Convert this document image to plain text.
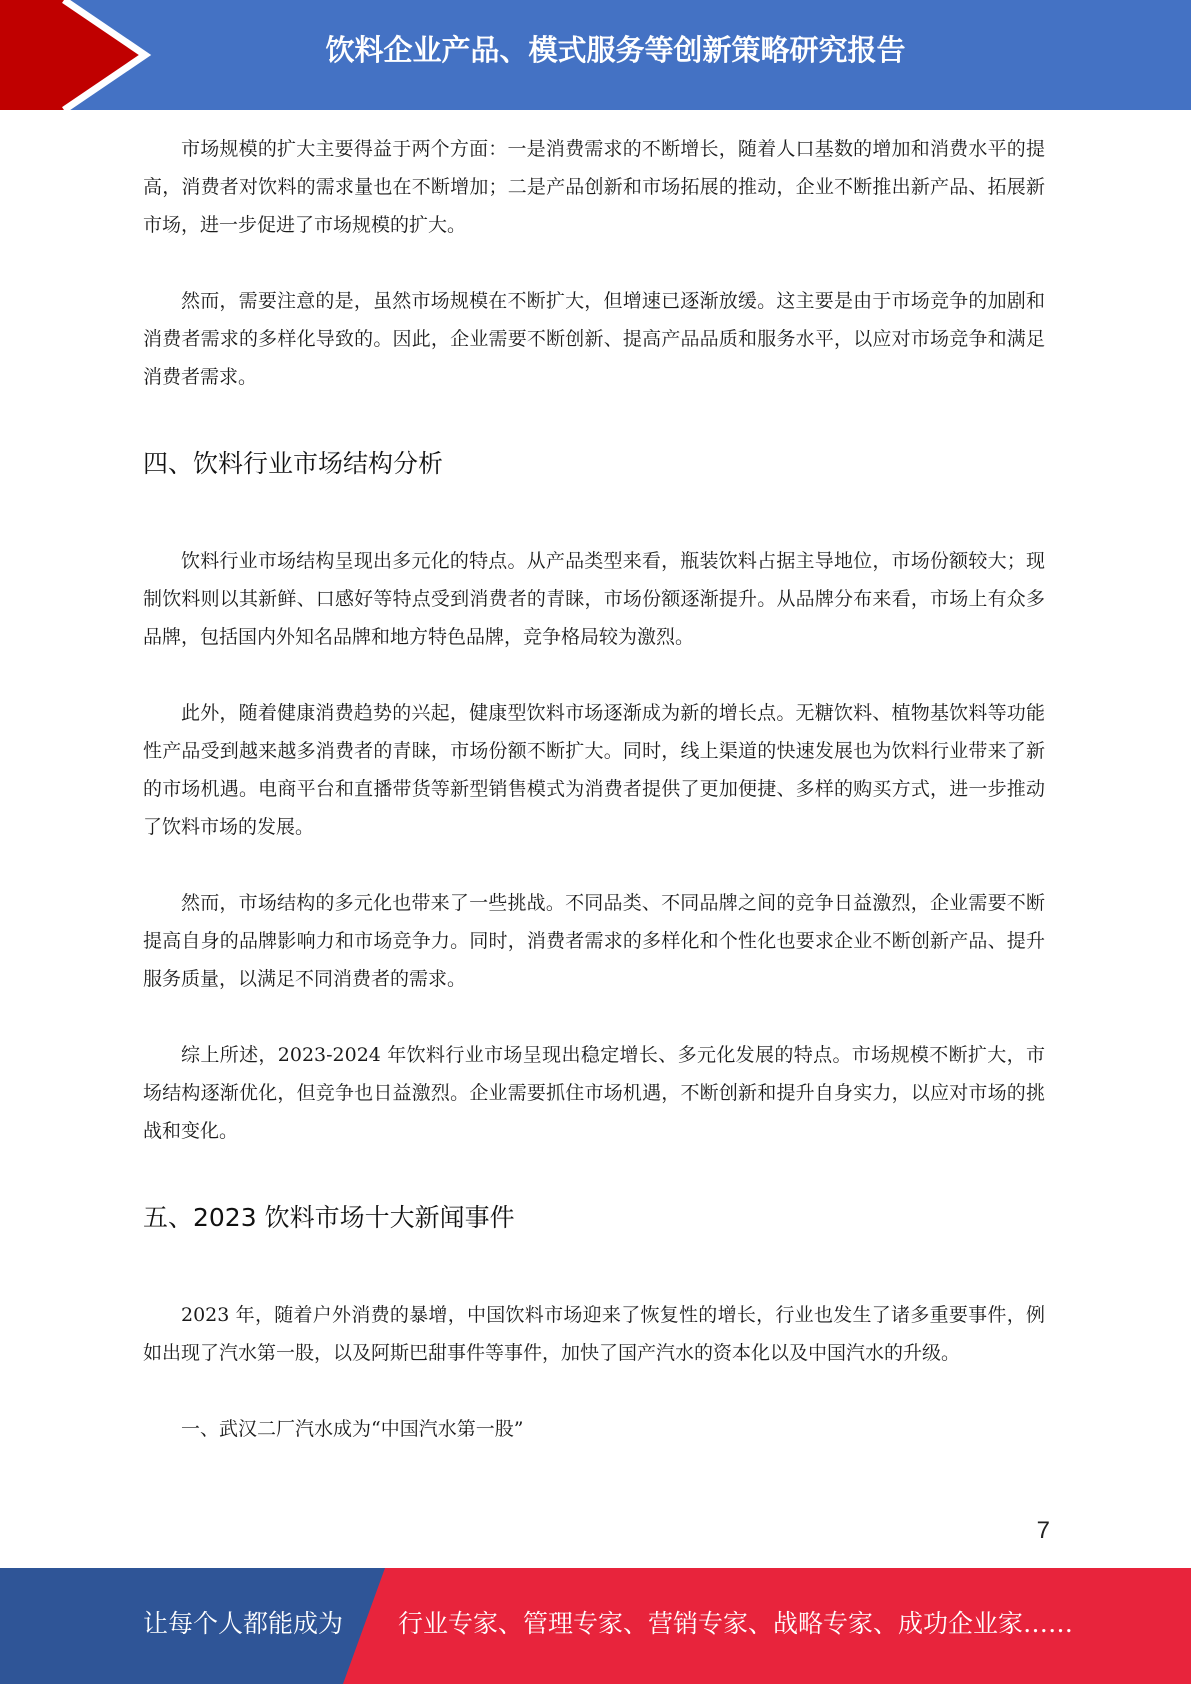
饮料企业产品、模式服务等创新策略研究报告

市场规模的扩大主要得益于两个方面：一是消费需求的不断增长，随着人口基数的增加和消费水平的提高，消费者对饮料的需求量也在不断增加；二是产品创新和市场拓展的推动，企业不断推出新产品、拓展新市场，进一步促进了市场规模的扩大。

然而，需要注意的是，虽然市场规模在不断扩大，但增速已逐渐放缓。这主要是由于市场竞争的加剧和消费者需求的多样化导致的。因此，企业需要不断创新、提高产品品质和服务水平，以应对市场竞争和满足消费者需求。

四、饮料行业市场结构分析

饮料行业市场结构呈现出多元化的特点。从产品类型来看，瓶装饮料占据主导地位，市场份额较大；现制饮料则以其新鲜、口感好等特点受到消费者的青睐，市场份额逐渐提升。从品牌分布来看，市场上有众多品牌，包括国内外知名品牌和地方特色品牌，竞争格局较为激烈。

此外，随着健康消费趋势的兴起，健康型饮料市场逐渐成为新的增长点。无糖饮料、植物基饮料等功能性产品受到越来越多消费者的青睐，市场份额不断扩大。同时，线上渠道的快速发展也为饮料行业带来了新的市场机遇。电商平台和直播带货等新型销售模式为消费者提供了更加便捷、多样的购买方式，进一步推动了饮料市场的发展。

然而，市场结构的多元化也带来了一些挑战。不同品类、不同品牌之间的竞争日益激烈，企业需要不断提高自身的品牌影响力和市场竞争力。同时，消费者需求的多样化和个性化也要求企业不断创新产品、提升服务质量，以满足不同消费者的需求。

综上所述，2023-2024 年饮料行业市场呈现出稳定增长、多元化发展的特点。市场规模不断扩大，市场结构逐渐优化，但竞争也日益激烈。企业需要抓住市场机遇，不断创新和提升自身实力，以应对市场的挑战和变化。

五、2023 饮料市场十大新闻事件

2023 年，随着户外消费的暴增，中国饮料市场迎来了恢复性的增长，行业也发生了诸多重要事件，例如出现了汽水第一股，以及阿斯巴甜事件等事件，加快了国产汽水的资本化以及中国汽水的升级。

一、武汉二厂汽水成为“中国汽水第一股”

7
让每个人都能成为 行业专家、管理专家、营销专家、战略专家、成功企业家……
